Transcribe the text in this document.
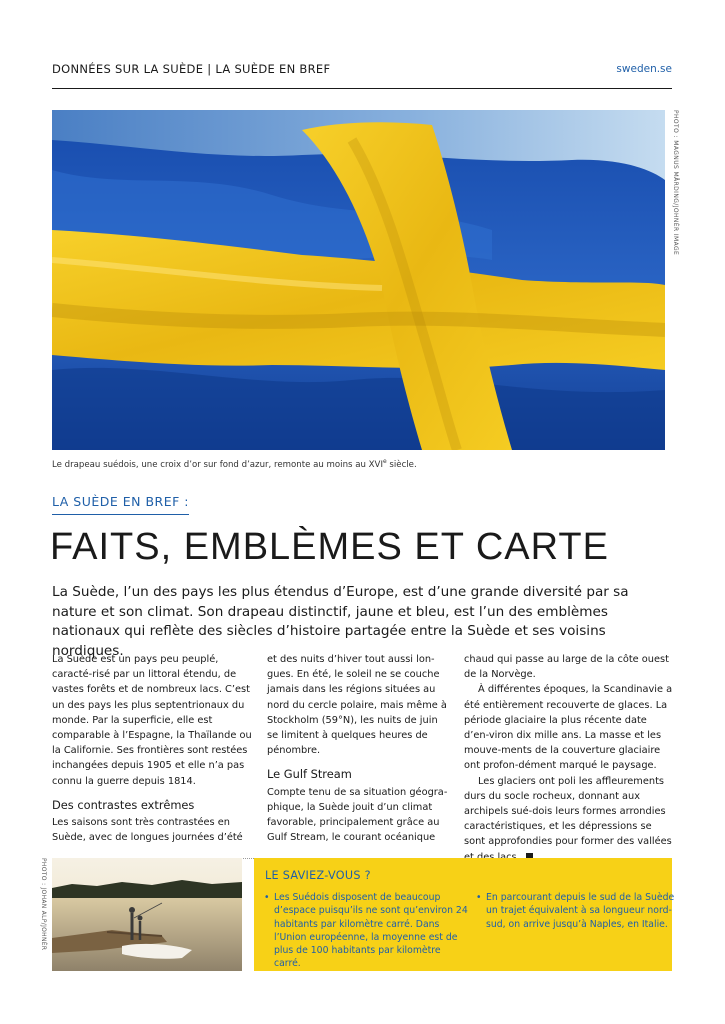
DONNÉES SUR LA SUÈDE | LA SUÈDE EN BREF	sweden.se
PHOTO : MAGNUS MÅRDING/JOHNÉR IMAGE
Le drapeau suédois, une croix d’or sur fond d’azur, remonte au moins au XVIe siècle.
LA SUÈDE EN BREF :
FAITS, EMBLÈMES ET CARTE

La Suède, l’un des pays les plus étendus d’Europe, est d’une grande diversité par sa nature et son climat. Son drapeau distinctif, jaune et bleu, est l’un des emblèmes nationaux qui reflète des siècles d’histoire partagée entre la Suède et ses voisins nordiques.

La Suède est un pays peu peuplé, caracté-risé par un littoral étendu, de vastes forêts et de nombreux lacs. C’est un des pays les plus septentrionaux du monde. Par la superficie, elle est comparable à l’Espagne, la Thaïlande ou la Californie. Ses frontières sont restées inchangées depuis 1905 et elle n’a pas connu la guerre depuis 1814.

Des contrastes extrêmes

Les saisons sont très contrastées en Suède, avec de longues journées d’été

et des nuits d’hiver tout aussi lon-gues. En été, le soleil ne se couche jamais dans les régions situées au nord du cercle polaire, mais même à Stockholm (59°N), les nuits de juin se limitent à quelques heures de pénombre.

Le Gulf Stream

Compte tenu de sa situation géogra-phique, la Suède jouit d’un climat favorable, principalement grâce au Gulf Stream, le courant océanique

chaud qui passe au large de la côte ouest de la Norvège.

À différentes époques, la Scandinavie a été entièrement recouverte de glaces. La période glaciaire la plus récente date d’en-viron dix mille ans. La masse et les mouve-ments de la couverture glaciaire ont profon-dément marqué le paysage.

Les glaciers ont poli les affleurements durs du socle rocheux, donnant aux archipels sué-dois leurs formes arrondies caractéristiques, et les dépressions se sont approfondies pour former des vallées

PHOTO : JOHAN ALP/JOHNÉR	LE SAVIEZ-VOUS ?

• Les Suédois disposent de beaucoup d’espace puisqu’ils ne sont qu’environ 24 habitants par kilomètre carré. Dans l’Union européenne, la moyenne est de plus de 100 habitants par kilomètre carré.

• En parcourant depuis le sud de la Suède un trajet équivalent à sa longueur nord-sud, on arrive jusqu’à Naples, en Italie.
